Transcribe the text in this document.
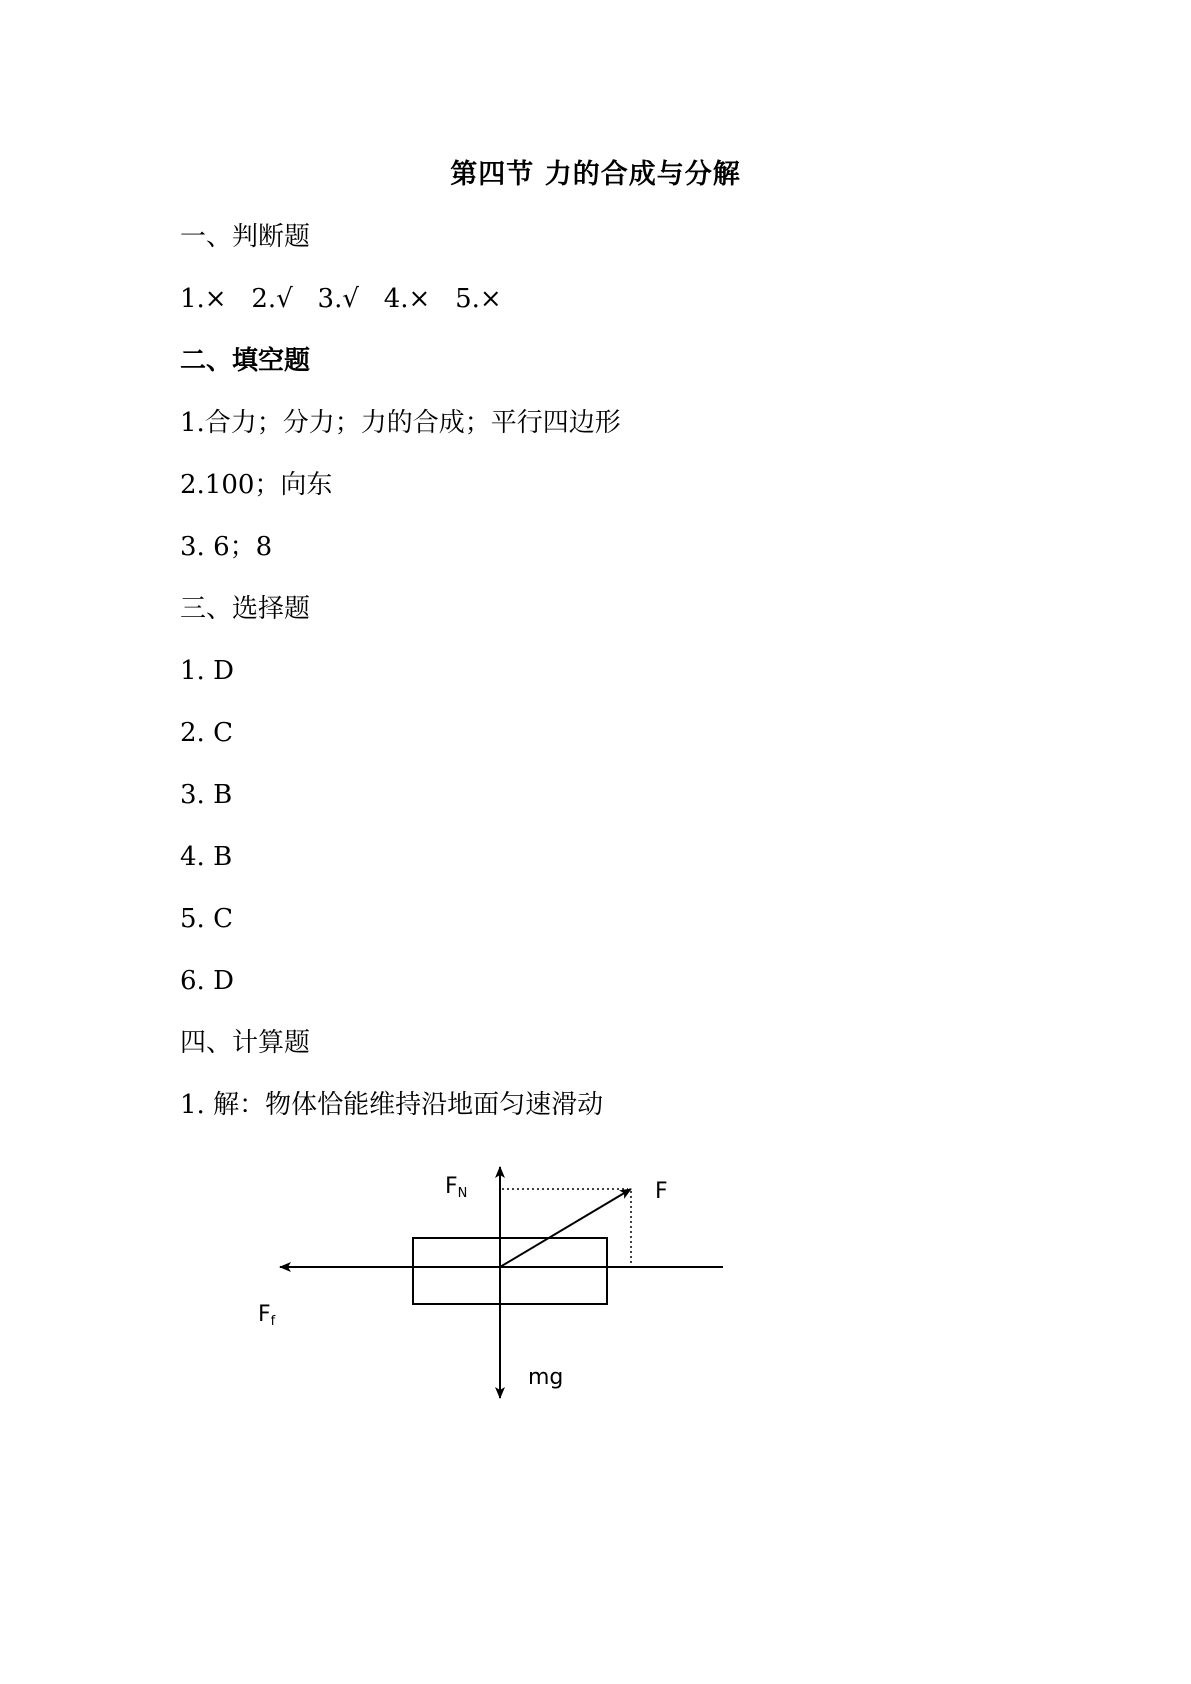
第四节 力的合成与分解
一、判断题
1.×   2.√   3.√   4.×   5.×
二、填空题
1.合力；分力；力的合成；平行四边形
2.100；向东
3. 6；8
三、选择题
1. D
2. C
3. B
4. B
5. C
6. D
四、计算题
1. 解：物体恰能维持沿地面匀速滑动
$F_N$	F
$F_f$
mg
